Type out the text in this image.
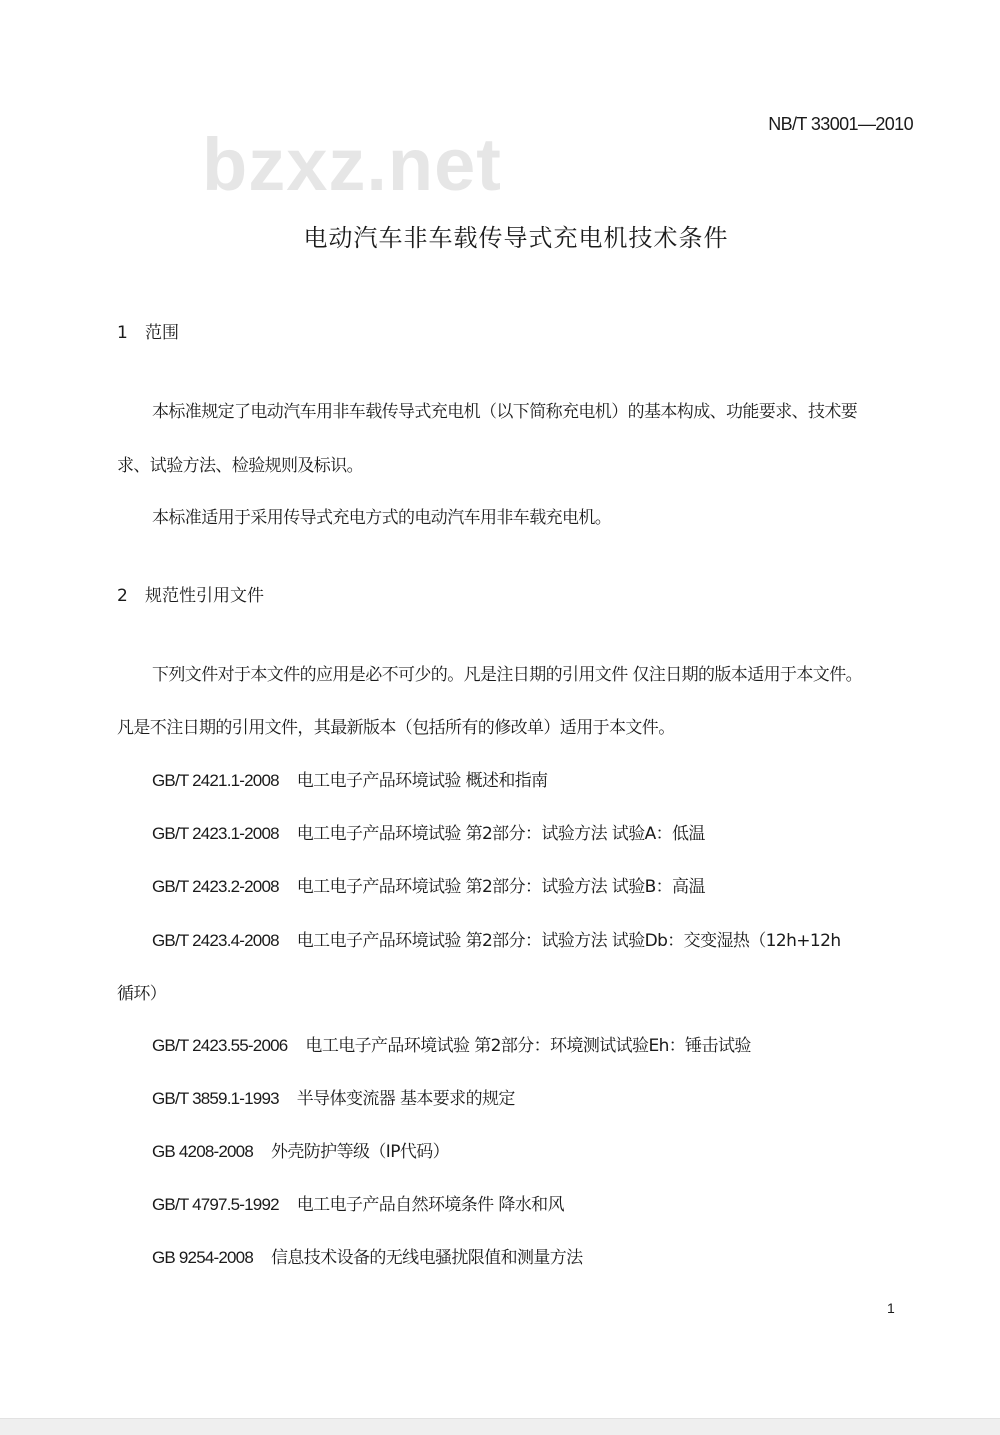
NB/T 33001—2010
bzxz.net
电动汽车非车载传导式充电机技术条件
1 范围
本标准规定了电动汽车用非车载传导式充电机（以下简称充电机）的基本构成、功能要求、技术要
求、试验方法、检验规则及标识。
本标准适用于采用传导式充电方式的电动汽车用非车载充电机。
2 规范性引用文件
下列文件对于本文件的应用是必不可少的。凡是注日期的引用文件 仅注日期的版本适用于本文件。
凡是不注日期的引用文件，其最新版本（包括所有的修改单）适用于本文件。
GB/T 2421.1-2008 电工电子产品环境试验 概述和指南
GB/T 2423.1-2008 电工电子产品环境试验 第2部分：试验方法 试验A：低温
GB/T 2423.2-2008 电工电子产品环境试验 第2部分：试验方法 试验B：高温
GB/T 2423.4-2008 电工电子产品环境试验 第2部分：试验方法 试验Db：交变湿热（12h+12h
循环）
GB/T 2423.55-2006 电工电子产品环境试验 第2部分：环境测试试验Eh：锤击试验
GB/T 3859.1-1993 半导体变流器 基本要求的规定
GB 4208-2008 外壳防护等级（IP代码）
GB/T 4797.5-1992 电工电子产品自然环境条件 降水和风
GB 9254-2008 信息技术设备的无线电骚扰限值和测量方法
1
